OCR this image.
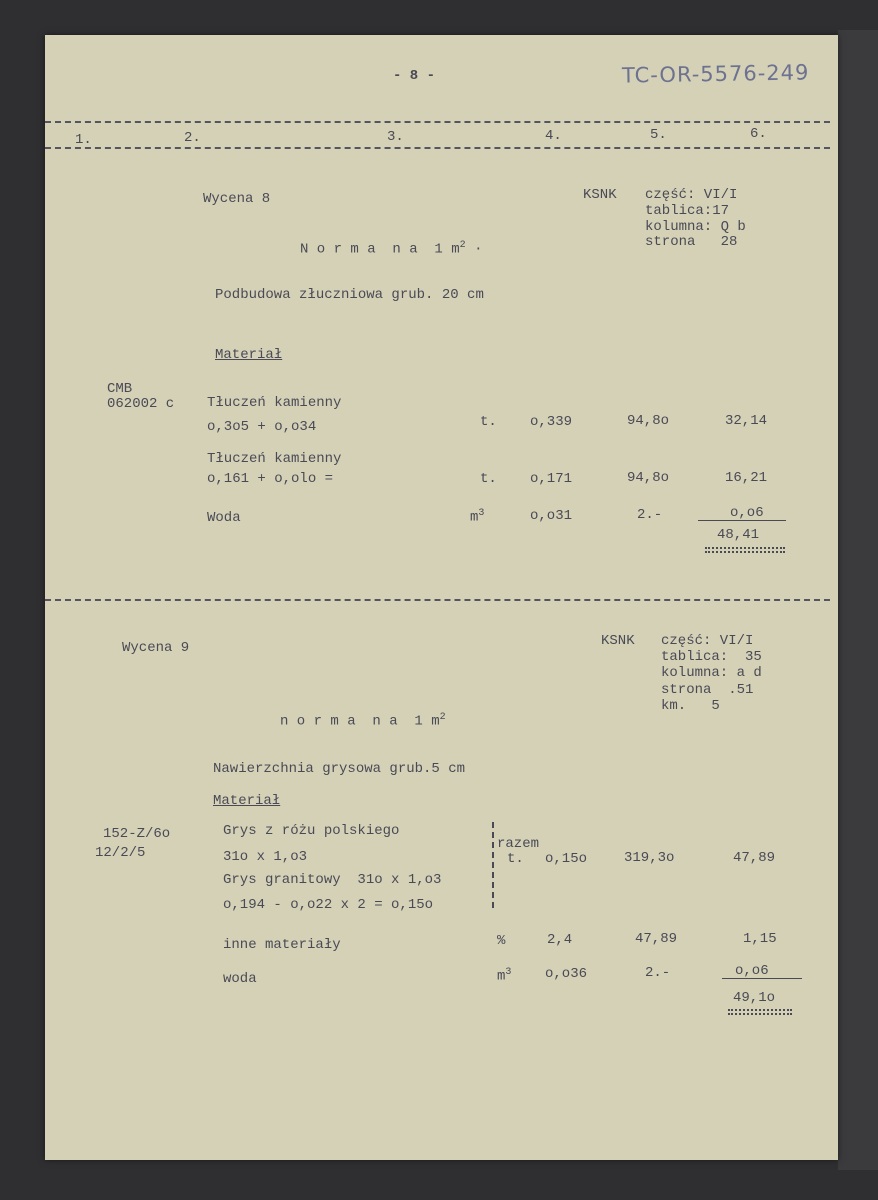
- 8 -	TC-OR-5576-249
1.	2.	3.	4.	5.	6.
Wycena 8	KSNK część: VI/I
tablica:17
kolumna: Q b
strona   28
N o r m a  n a  1 $m^2$ ·
Podbudowa złuczniowa grub. 20 cm
Materiał
CMB
062002 c Tłuczeń kamienny
o,3o5 + o,o34	t. o,339	94,8o	32,14
Tłuczeń kamienny
o,161 + o,olo =	t. o,171	94,8o	16,21
Woda	$m^3$	o,o31	2.-	o,o6
48,41
Wycena 9	KSNK część: VI/I
tablica:  35
kolumna: a d
strona  .51
km.   5
n o r m a  n a  1 $m^2$
Nawierzchnia grysowa grub.5 cm
Materiał
152-Z/6o
12/2/5
Grys z różu polskiego
31o x 1,o3
Grys granitowy  31o x 1,o3
o,194 - o,o22 x 2 = o,15o
razem
t. o,15o	319,3o	47,89
inne materiały	%	2,4	47,89	1,15
woda	$m^3$ o,o36	2.-	o,o6
49,1o
